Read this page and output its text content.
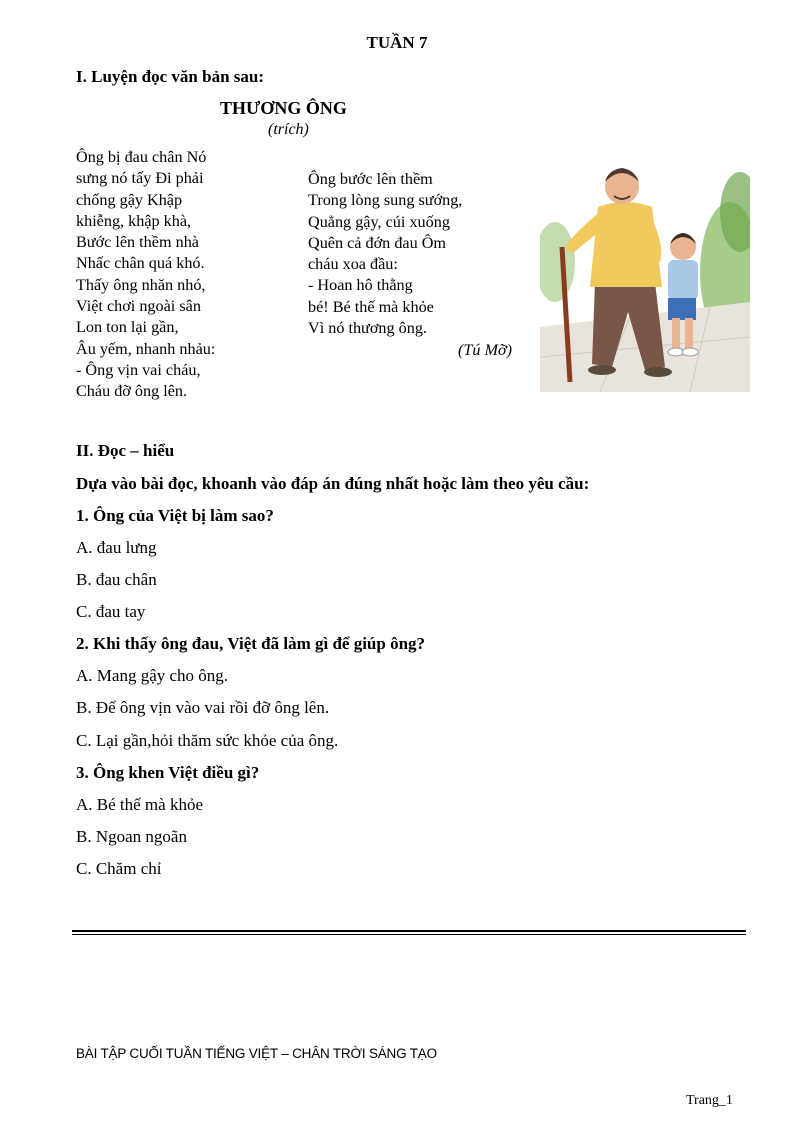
TUẦN 7
I. Luyện đọc văn bản sau:
THƯƠNG ÔNG
(trích)
Ông bị đau chân Nó
sưng nó tấy Đi phải
chống gậy Khập
khiễng, khập khà,
Bước lên thềm nhà
Nhấc chân quá khó.
Thấy ông nhăn nhó,
Việt chơi ngoài sân
Lon ton lại gần,
Âu yếm, nhanh nhảu:
- Ông vịn vai cháu,
Cháu đỡ ông lên.
Ông bước lên thềm
Trong lòng sung sướng,
Quẳng gậy, cúi xuống
Quên cả đớn đau Ôm
cháu xoa đầu:
- Hoan hô thằng
bé! Bé thế mà khỏe
Vì nó thương ông.
(Tú Mỡ)
II. Đọc – hiểu
Dựa vào bài đọc, khoanh vào đáp án đúng nhất hoặc làm theo yêu cầu:
1. Ông của Việt bị làm sao?
A. đau lưng
B. đau chân
C. đau tay
2. Khi thấy ông đau, Việt đã làm gì để giúp ông?
A. Mang gậy cho ông.
B. Để ông vịn vào vai rồi đỡ ông lên.
C. Lại gần,hỏi thăm sức khỏe của ông.
3. Ông khen Việt điều gì?
A. Bé thế mà khỏe
B. Ngoan ngoãn
C. Chăm chỉ
BÀI TẬP CUỐI TUẦN TIẾNG VIỆT – CHÂN TRỜI SÁNG TẠO
Trang_1
